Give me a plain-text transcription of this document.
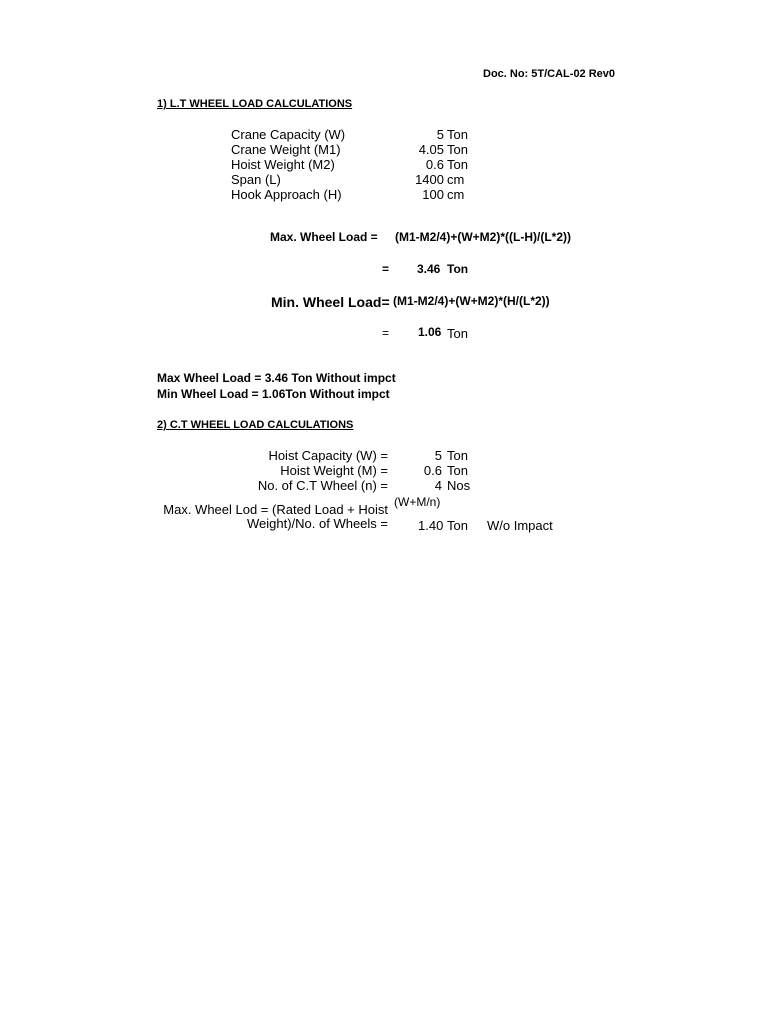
Doc. No: 5T/CAL-02 Rev0
1) L.T WHEEL LOAD CALCULATIONS
Crane Capacity (W)	5 Ton
Crane Weight (M1)	4.05 Ton
Hoist Weight (M2)	0.6 Ton
Span (L)	1400 cm
Hook Approach (H)	100 cm
Max. Wheel Load = (M1-M2/4)+(W+M2)*((L-H)/(L*2))
= 3.46 Ton
Min. Wheel Load= (M1-M2/4)+(W+M2)*(H/(L*2))
= 1.06 Ton
Max Wheel Load = 3.46 Ton Without impct
Min Wheel Load = 1.06Ton Without impct
2) C.T WHEEL LOAD CALCULATIONS
Hoist Capacity (W) =	5 Ton
Hoist Weight (M) =	0.6 Ton
No. of C.T Wheel (n) =	4 Nos
Max. Wheel Lod = (Rated Load + Hoist
Weight)/No. of Wheels =
(W+M/n)
1.40 Ton W/o Impact
